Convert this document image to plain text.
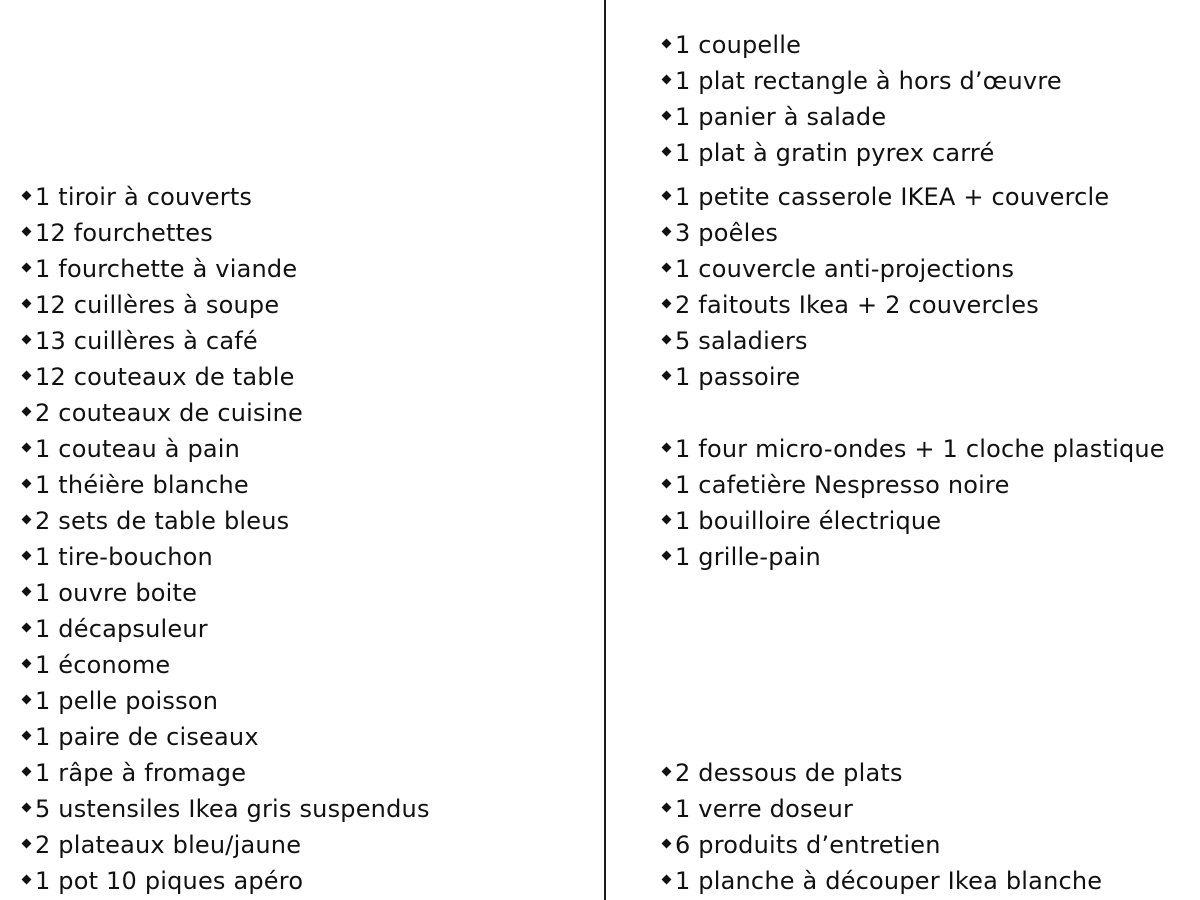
1 tiroir à couverts
12 fourchettes
1 fourchette à viande
12 cuillères à soupe
13 cuillères à café
12 couteaux de table
2 couteaux de cuisine
1 couteau à pain
1 théière blanche
2 sets de table bleus
1 tire-bouchon
1 ouvre boite
1 décapsuleur
1 économe
1 pelle poisson
1 paire de ciseaux
1 râpe à fromage
5 ustensiles Ikea gris suspendus
2 plateaux bleu/jaune
1 pot 10 piques apéro
1 coupelle
1 plat rectangle à hors d’œuvre
1 panier à salade
1 plat à gratin pyrex carré
1 petite casserole IKEA + couvercle
3 poêles
1 couvercle anti-projections
2 faitouts Ikea + 2 couvercles
5 saladiers
1 passoire
1 four micro-ondes + 1 cloche plastique
1 cafetière Nespresso noire
1 bouilloire électrique
1 grille-pain
2 dessous de plats
1 verre doseur
6 produits d’entretien
1 planche à découper Ikea blanche
